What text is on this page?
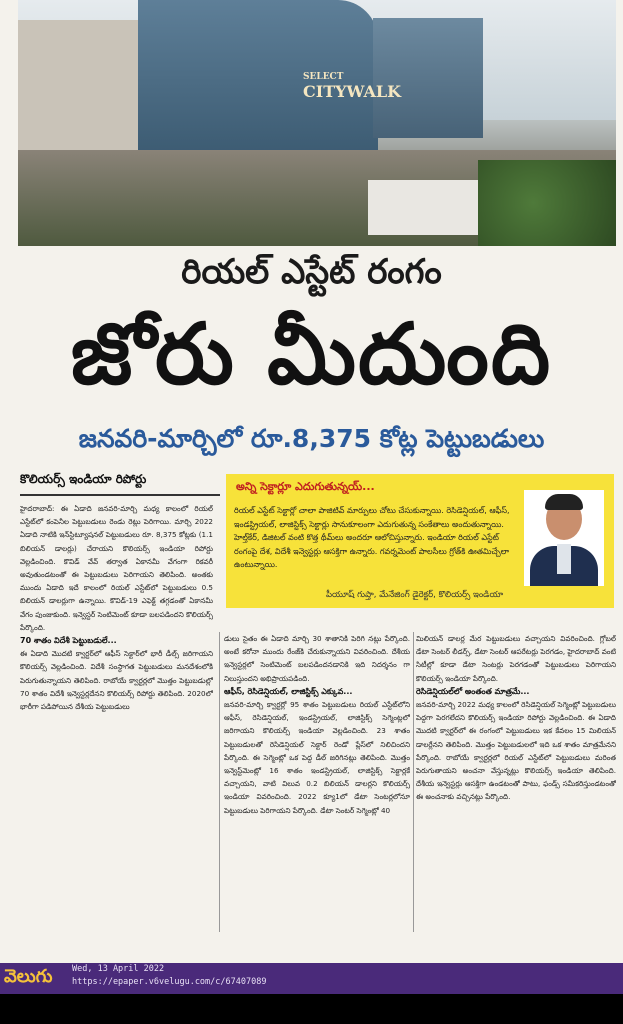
SELECT
CITYWALK
రియల్ ఎస్టేట్ రంగం
జోరు మీదుంది
జనవరి-మార్చిలో రూ.8,375 కోట్ల పెట్టుబడులు
కొలియర్స్ ఇండియా రిపోర్టు
అన్ని సెక్టార్లూ ఎదుగుతున్నయ్...
రియల్ ఎస్టేట్ సెక్టార్లో చాలా పాజిటివ్ మార్పులు చోటు చేసుకున్నాయి. రెసిడెన్షియల్, ఆఫీస్, ఇండస్ట్రియల్, లాజిస్టిక్స్ సెక్టార్లు సానుకూలంగా ఎదుగుతున్న సంకేతాలు అందుతున్నాయి. హెల్త్‌కేర్, డిజిటల్ వంటి కొత్త థీమ్‌లు అందరూ ఆలోచిస్తున్నారు. ఇండియా రియల్ ఎస్టేట్ రంగంపై దేశ, విదేశీ ఇన్వెస్టర్లు ఆసక్తిగా ఉన్నారు. గవర్నమెంట్ పాలసీలు గ్రోత్‌కి ఊతమిచ్చేలా ఉంటున్నాయి.
పీయూష్ గుప్తా, మేనేజింగ్ డైరెక్టర్, కొలియర్స్ ఇండియా
హైదరాబాద్: ఈ ఏడాది జనవరి-మార్చి మధ్య కాలంలో రియల్ ఎస్టేట్‌లో కంపెనీల పెట్టుబడులు రెండు రెట్లు పెరిగాయి. మార్చి 2022 ఏడాది నాటికి ఇన్‌స్టిట్యూషనల్ పెట్టుబడులు రూ. 8,375 కోట్లకు (1.1 బిలియన్ డాలర్లు) చేరాయని కొలియర్స్ ఇండియా రిపోర్టు వెల్లడించింది. కొవిడ్ వేవ్ తర్వాత ఏకానమీ వేగంగా రికవరీ అవుతుండటంతో ఈ పెట్టుబడులు పెరిగాయని తెలిపింది. అంతకు ముందు ఏడాది ఇదే కాలంలో రియల్ ఎస్టేట్‌లో పెట్టుబడులు 0.5 బిలియన్ డాలర్లుగా ఉన్నాయి. కొవిడ్-19 ఎఫెక్ట్ తగ్గడంతో ఏకానమీ వేగం పుంజుకుంది. ఇన్వెస్టర్ సెంటిమెంట్ కూడా బలపడిందని కొలియర్స్ పేర్కొంది.
70 శాతం విదేశీ పెట్టుబడులే...
ఈ ఏడాది మొదటి క్వార్టర్‌లో ఆఫీస్ సెక్టార్‌లో భారీ డీల్స్ జరిగాయని కొలియర్స్ వెల్లడించింది. విదేశీ సంస్థాగత పెట్టుబడులు మనదేశంలోకి పెరుగుతున్నాయని తెలిపింది. రాబోయే క్వార్టర్లలో మొత్తం పెట్టుబడుల్లో 70 శాతం విదేశీ ఇన్వెస్టర్లదేనని కొలియర్స్ రిపోర్టు తెలిపింది. 2020లో భారీగా పడిపోయిన దేశీయ పెట్టుబడులు
డులు సైతం ఈ ఏడాది మార్చి 30 శాతానికి పెరిగి నట్లు పేర్కొంది. అంటే కరోనా ముందు రేంజ్‌కి చేరుకున్నాయని వివరించింది. దేశీయ ఇన్వెస్టర్లలో సెంటిమెంట్ బలపడిందనడానికి ఇది నిదర్శనం గా నిలుస్తుందని అభిప్రాయపడింది.
ఆఫీస్, రెసిడెన్షియల్, లాజిస్టిక్స్ ఎక్కువ...
జనవరి-మార్చి క్వార్టర్లో 95 శాతం పెట్టుబడులు రియల్ ఎస్టేట్‌లోని ఆఫీస్, రెసిడెన్షియల్, ఇండస్ట్రియల్, లాజిస్టిక్స్ సెగ్మెంట్లలో జరిగాయని కొలియర్స్ ఇండియా వెల్లడించింది. 23 శాతం పెట్టుబడులతో రెసిడెన్షియల్ సెక్టార్ రెండో ప్లేస్‌లో నిలిచిందని పేర్కొంది. ఈ సెగ్మెంట్లో ఒక పెద్ద డీల్ జరిగినట్లు తెలిపింది. మొత్తం ఇన్వెస్ట్‌మెంట్లో 16 శాతం ఇండస్ట్రియల్, లాజిస్టిక్స్ సెక్టార్లకే వచ్చాయని, వాటి విలువ 0.2 బిలియన్ డాలర్లని కొలియర్స్ ఇండియా వివరించింది. 2022 క్యూ1లో డేటా సెంటర్లలోనూ పెట్టుబడులు పెరిగాయని పేర్కొంది. డేటా సెంటర్ సెగ్మెంట్లో 40
మిలియన్ డాలర్ల మేర పెట్టుబడులు వచ్చాయని వివరించింది. గ్లోబల్ డేటా సెంటర్ లీడర్స్, డేటా సెంటర్ ఆపరేటర్లు పెరగడం, హైదరాబాద్ వంటి సిటీల్లో కూడా డేటా సెంటర్లు పెరగడంతో పెట్టుబడులు పెరిగాయని కొలియర్స్ ఇండియా పేర్కొంది.
రెసిడెన్షియల్‌లో అంతంత మాత్రమే...
జనవరి-మార్చి 2022 మధ్య కాలంలో రెసిడెన్షియల్ సెగ్మెంట్లో పెట్టుబడులు పెద్దగా పెరగలేదని కొలియర్స్ ఇండియా రిపోర్టు వెల్లడించింది. ఈ ఏడాది మొదటి క్వార్టర్‌లో ఈ రంగంలో పెట్టుబడులు ఇక కేవలం 15 మిలియన్ డాలర్లేనని తెలిపింది. మొత్తం పెట్టుబడులలో ఇది ఒక శాతం మాత్రమేనని పేర్కొంది. రాబోయే క్వార్టర్లలో రియల్ ఎస్టేట్‌లో పెట్టుబడులు మరింత పెరుగుతాయని అంచనా వేస్తున్నట్లు కొలియర్స్ ఇండియా తెలిపింది. దేశీయ ఇన్వెస్టర్లు ఆసక్తిగా ఉండటంతో పాటు, ఫండ్స్ సమీకరిస్తుండటంతో ఈ అంచనాకు వచ్చినట్లు పేర్కొంది.
వెలుగు Wed, 13 April 2022
https://epaper.v6velugu.com/c/67407089
